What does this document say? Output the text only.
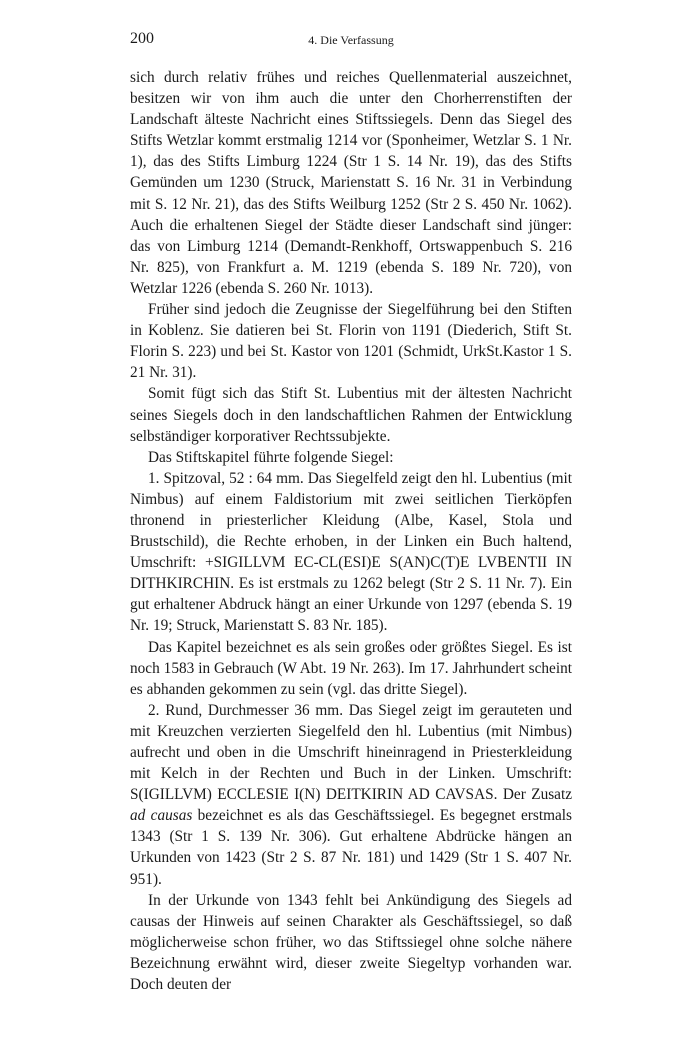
200	4. Die Verfassung

sich durch relativ frühes und reiches Quellenmaterial auszeichnet, besitzen wir von ihm auch die unter den Chorherrenstiften der Landschaft älteste Nachricht eines Stiftssiegels. Denn das Siegel des Stifts Wetzlar kommt erstmalig 1214 vor (Sponheimer, Wetzlar S. 1 Nr. 1), das des Stifts Limburg 1224 (Str 1 S. 14 Nr. 19), das des Stifts Gemünden um 1230 (Struck, Marienstatt S. 16 Nr. 31 in Verbindung mit S. 12 Nr. 21), das des Stifts Weilburg 1252 (Str 2 S. 450 Nr. 1062). Auch die erhaltenen Siegel der Städte dieser Landschaft sind jünger: das von Limburg 1214 (Demandt-Renkhoff, Ortswappenbuch S. 216 Nr. 825), von Frankfurt a. M. 1219 (ebenda S. 189 Nr. 720), von Wetzlar 1226 (ebenda S. 260 Nr. 1013).

Früher sind jedoch die Zeugnisse der Siegelführung bei den Stiften in Koblenz. Sie datieren bei St. Florin von 1191 (Diederich, Stift St. Florin S. 223) und bei St. Kastor von 1201 (Schmidt, UrkSt.Kastor 1 S. 21 Nr. 31).

Somit fügt sich das Stift St. Lubentius mit der ältesten Nachricht seines Siegels doch in den landschaftlichen Rahmen der Entwicklung selbständiger korporativer Rechtssubjekte.

Das Stiftskapitel führte folgende Siegel:

1. Spitzoval, 52 : 64 mm. Das Siegelfeld zeigt den hl. Lubentius (mit Nimbus) auf einem Faldistorium mit zwei seitlichen Tierköpfen thronend in priesterlicher Kleidung (Albe, Kasel, Stola und Brustschild), die Rechte erhoben, in der Linken ein Buch haltend, Umschrift: +SIGILLVM EC-CL(ESI)E S(AN)C(T)E LVBENTII IN DITHKIRCHIN. Es ist erstmals zu 1262 belegt (Str 2 S. 11 Nr. 7). Ein gut erhaltener Abdruck hängt an einer Urkunde von 1297 (ebenda S. 19 Nr. 19; Struck, Marienstatt S. 83 Nr. 185).

Das Kapitel bezeichnet es als sein großes oder größtes Siegel. Es ist noch 1583 in Gebrauch (W Abt. 19 Nr. 263). Im 17. Jahrhundert scheint es abhanden gekommen zu sein (vgl. das dritte Siegel).

2. Rund, Durchmesser 36 mm. Das Siegel zeigt im gerauteten und mit Kreuzchen verzierten Siegelfeld den hl. Lubentius (mit Nimbus) aufrecht und oben in die Umschrift hineinragend in Priesterkleidung mit Kelch in der Rechten und Buch in der Linken. Umschrift: S(IGILLVM) ECCLESIE I(N) DEITKIRIN AD CAVSAS. Der Zusatz ad causas bezeichnet es als das Geschäftssiegel. Es begegnet erstmals 1343 (Str 1 S. 139 Nr. 306). Gut erhaltene Abdrücke hängen an Urkunden von 1423 (Str 2 S. 87 Nr. 181) und 1429 (Str 1 S. 407 Nr. 951).

In der Urkunde von 1343 fehlt bei Ankündigung des Siegels ad causas der Hinweis auf seinen Charakter als Geschäftssiegel, so daß möglicherweise schon früher, wo das Stiftssiegel ohne solche nähere Bezeichnung erwähnt wird, dieser zweite Siegeltyp vorhanden war. Doch deuten der
